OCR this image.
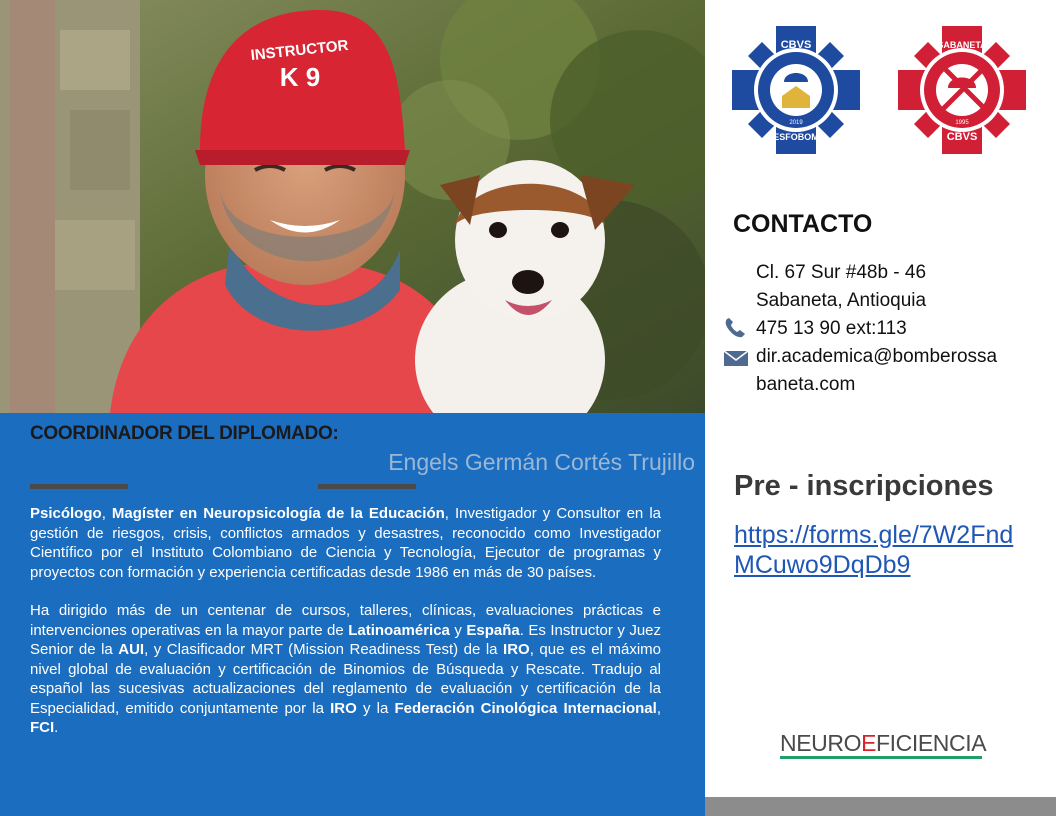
INSTRUCTOR
K 9
COORDINADOR DEL DIPLOMADO:
Engels Germán Cortés Trujillo

Psicólogo, Magíster en Neuropsicología de la Educación, Investigador y Consultor en la gestión de riesgos, crisis, conflictos armados y desastres, reconocido como Investigador Científico por el Instituto Colombiano de Ciencia y Tecnología, Ejecutor de programas y proyectos con formación y experiencia certificadas desde 1986 en más de 30 países.

Ha dirigido más de un centenar de cursos, talleres, clínicas, evaluaciones prácticas e intervenciones operativas en la mayor parte de Latinoamérica y España. Es Instructor y Juez Senior de la AUI, y Clasificador MRT (Mission Readiness Test) de la IRO, que es el máximo nivel global de evaluación y certificación de Binomios de Búsqueda y Rescate. Tradujo al español las sucesivas actualizaciones del reglamento de evaluación y certificación de la Especialidad, emitido conjuntamente por la IRO y la Federación Cinológica Internacional, FCI.

CBVS
ESFOBOM
2019
SABANETA
CBVS
1995
CONTACTO
Cl. 67 Sur #48b - 46
Sabaneta, Antioquia
475 13 90 ext:113
dir.academica@bomberossa
baneta.com
Pre - inscripciones
https://forms.gle/7W2FndMCuwo9DqDb9
NEUROEFICIENCIA
